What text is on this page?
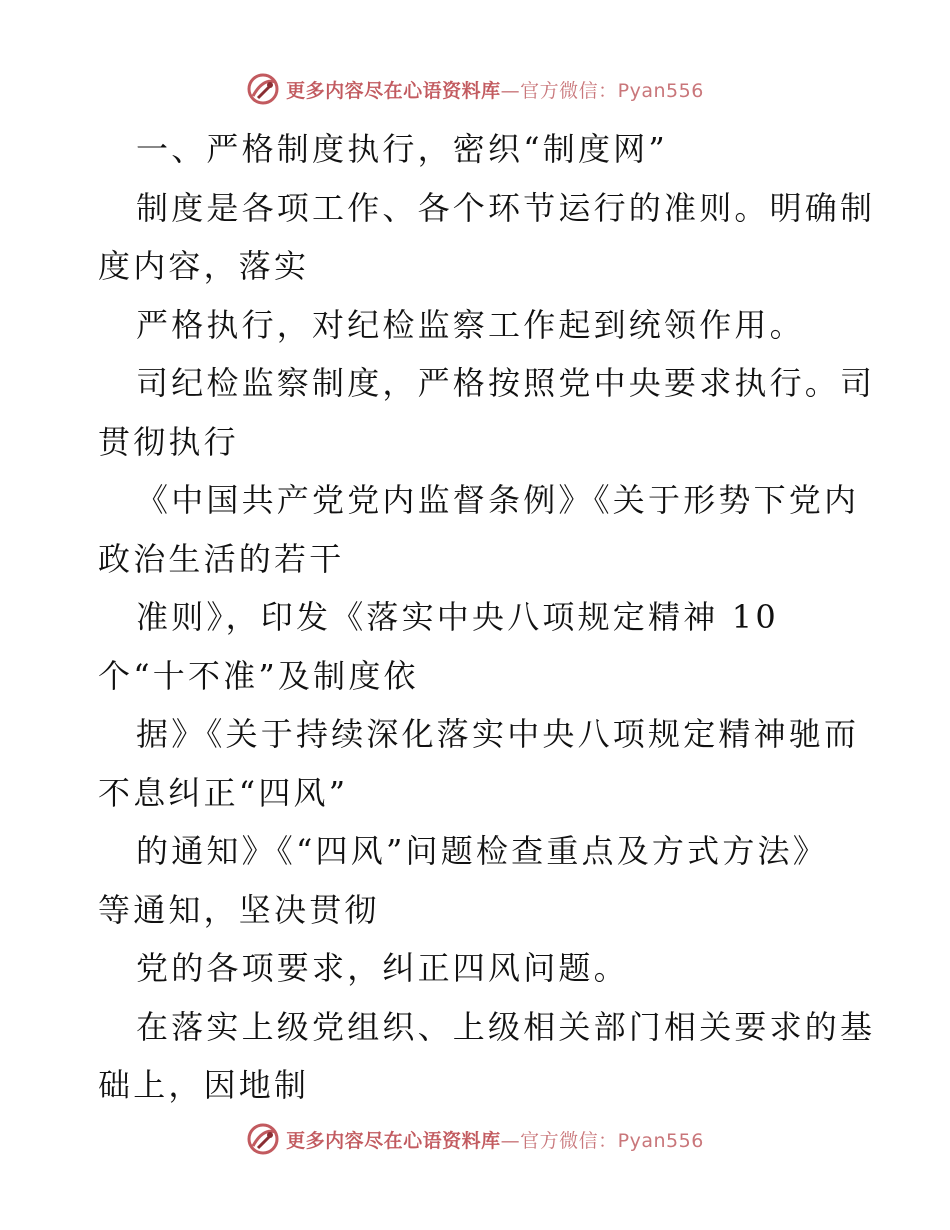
更多内容尽在心语资料库—官方微信：Pyan556
一、严格制度执行，密织“制度网”
制度是各项工作、各个环节运行的准则。明确制
度内容，落实
严格执行，对纪检监察工作起到统领作用。
司纪检监察制度，严格按照党中央要求执行。司
贯彻执行
《中国共产党党内监督条例》《关于形势下党内
政治生活的若干
准则》，印发《落实中央八项规定精神 10
个“十不准”及制度依
据》《关于持续深化落实中央八项规定精神驰而
不息纠正“四风”
的通知》《“四风”问题检查重点及方式方法》
等通知，坚决贯彻
党的各项要求，纠正四风问题。
在落实上级党组织、上级相关部门相关要求的基
础上，因地制
更多内容尽在心语资料库—官方微信：Pyan556
